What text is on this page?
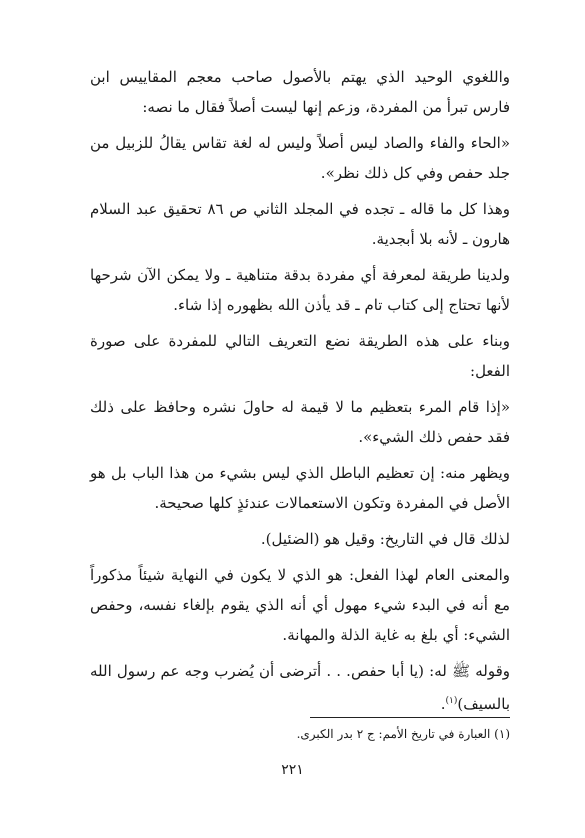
واللغوي الوحيد الذي يهتم بالأصول صاحب معجم المقاييس ابن فارس تبرأ من المفردة، وزعم إنها ليست أصلاً فقال ما نصه:

«الحاء والفاء والصاد ليس أصلاً وليس له لغة تقاس يقالُ للزبيل من جلد حفص وفي كل ذلك نظر».

وهذا كل ما قاله ـ تجده في المجلد الثاني ص ٨٦ تحقيق عبد السلام هارون ـ لأنه بلا أبجدية.

ولدينا طريقة لمعرفة أي مفردة بدقة متناهية ـ ولا يمكن الآن شرحها لأنها تحتاج إلى كتاب تام ـ قد يأذن الله بظهوره إذا شاء.

وبناء على هذه الطريقة نضع التعريف التالي للمفردة على صورة الفعل:

«إذا قام المرء بتعظيم ما لا قيمة له حاولَ نشره وحافظ على ذلك فقد حفص ذلك الشيء».

ويظهر منه: إن تعظيم الباطل الذي ليس بشيء من هذا الباب بل هو الأصل في المفردة وتكون الاستعمالات عندئذٍ كلها صحيحة.

لذلك قال في التاريخ: وقيل هو (الضئيل).

والمعنى العام لهذا الفعل: هو الذي لا يكون في النهاية شيئاً مذكوراً مع أنه في البدء شيء مهول أي أنه الذي يقوم بإلغاء نفسه، وحفص الشيء: أي بلغ به غاية الذلة والمهانة.

وقوله ﷺ له: (يا أبا حفص. . . أترضى أن يُضرب وجه عم رسول الله بالسيف)$^{(١)}$.

(١) العبارة في تاريخ الأمم: ج ٢ بدر الكبرى.
٢٢١
